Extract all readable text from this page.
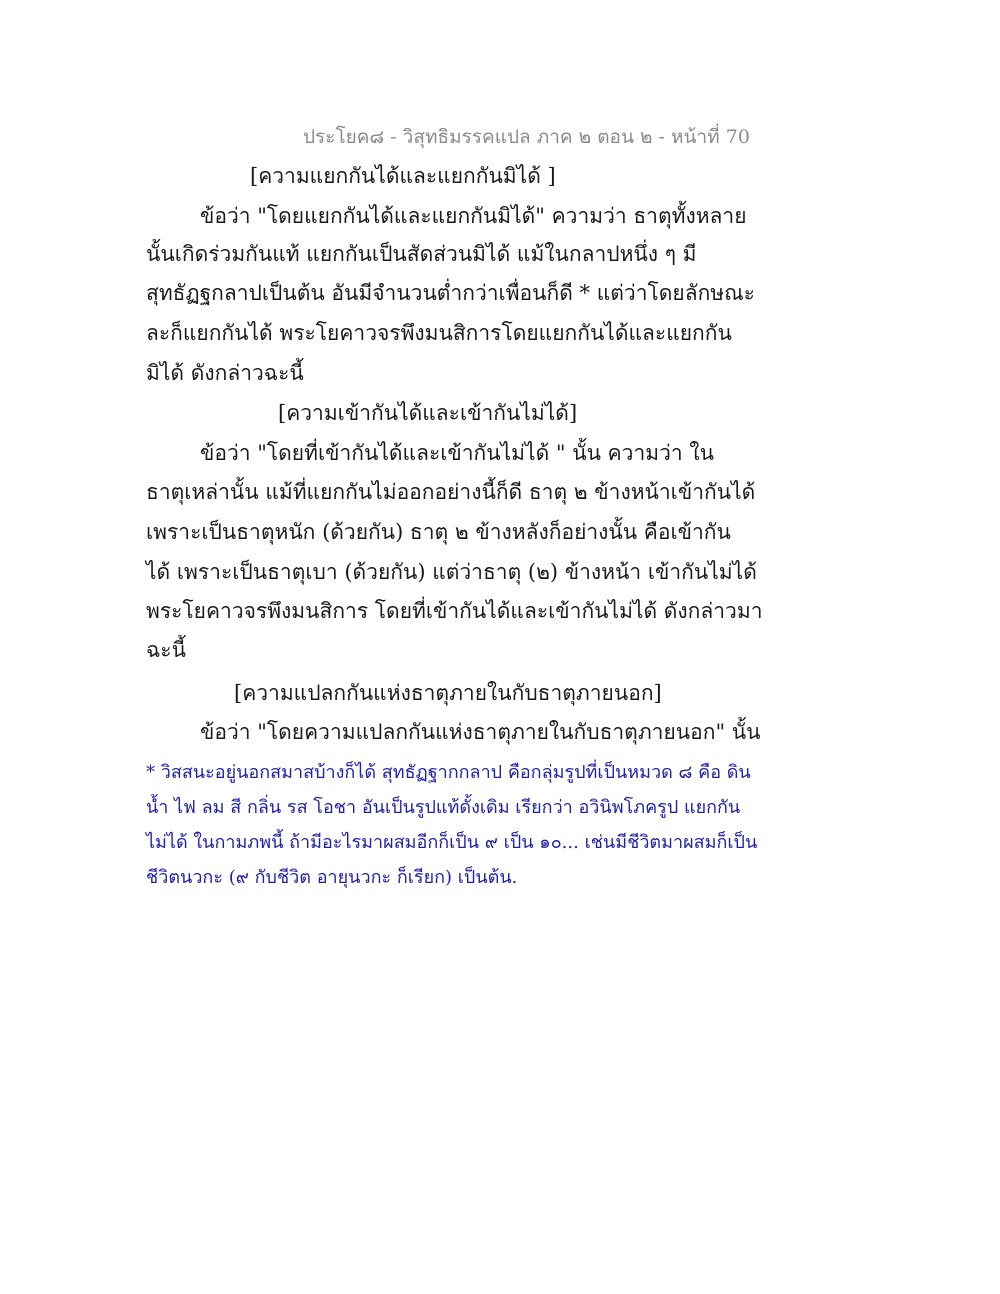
ประโยค๘ - วิสุทธิมรรคแปล ภาค ๒ ตอน ๒ - หน้าที่ 70
[ความแยกกันได้และแยกกันมิได้ ]
ข้อว่า "โดยแยกกันได้และแยกกันมิได้" ความว่า ธาตุทั้งหลาย
นั้นเกิดร่วมกันแท้ แยกกันเป็นสัดส่วนมิได้ แม้ในกลาปหนึ่ง ๆ มี
สุทธัฏฐกลาปเป็นต้น อันมีจำนวนต่ำกว่าเพื่อนก็ดี * แต่ว่าโดยลักษณะ
ละก็แยกกันได้ พระโยคาวจรพึงมนสิการโดยแยกกันได้และแยกกัน
มิได้ ดังกล่าวฉะนี้
[ความเข้ากันได้และเข้ากันไม่ได้]
ข้อว่า "โดยที่เข้ากันได้และเข้ากันไม่ได้ " นั้น ความว่า ใน
ธาตุเหล่านั้น แม้ที่แยกกันไม่ออกอย่างนี้ก็ดี ธาตุ ๒ ข้างหน้าเข้ากันได้
เพราะเป็นธาตุหนัก (ด้วยกัน) ธาตุ ๒ ข้างหลังก็อย่างนั้น คือเข้ากัน
ได้ เพราะเป็นธาตุเบา (ด้วยกัน) แต่ว่าธาตุ (๒) ข้างหน้า เข้ากันไม่ได้
พระโยคาวจรพึงมนสิการ โดยที่เข้ากันได้และเข้ากันไม่ได้ ดังกล่าวมา
ฉะนี้
[ความแปลกกันแห่งธาตุภายในกับธาตุภายนอก]
ข้อว่า "โดยความแปลกกันแห่งธาตุภายในกับธาตุภายนอก" นั้น
* วิสสนะอยู่นอกสมาสบ้างก็ได้ สุทธัฏฐากกลาป คือกลุ่มรูปที่เป็นหมวด ๘ คือ ดิน
น้ำ ไฟ ลม สี กลิ่น รส โอชา อันเป็นรูปแท้ดั้งเดิม เรียกว่า อวินิพโภครูป แยกกัน
ไม่ได้ ในกามภพนี้ ถ้ามีอะไรมาผสมอีกก็เป็น ๙ เป็น ๑๐... เช่นมีชีวิตมาผสมก็เป็น
ชีวิตนวกะ (๙ กับชีวิต อายุนวกะ ก็เรียก) เป็นต้น.
